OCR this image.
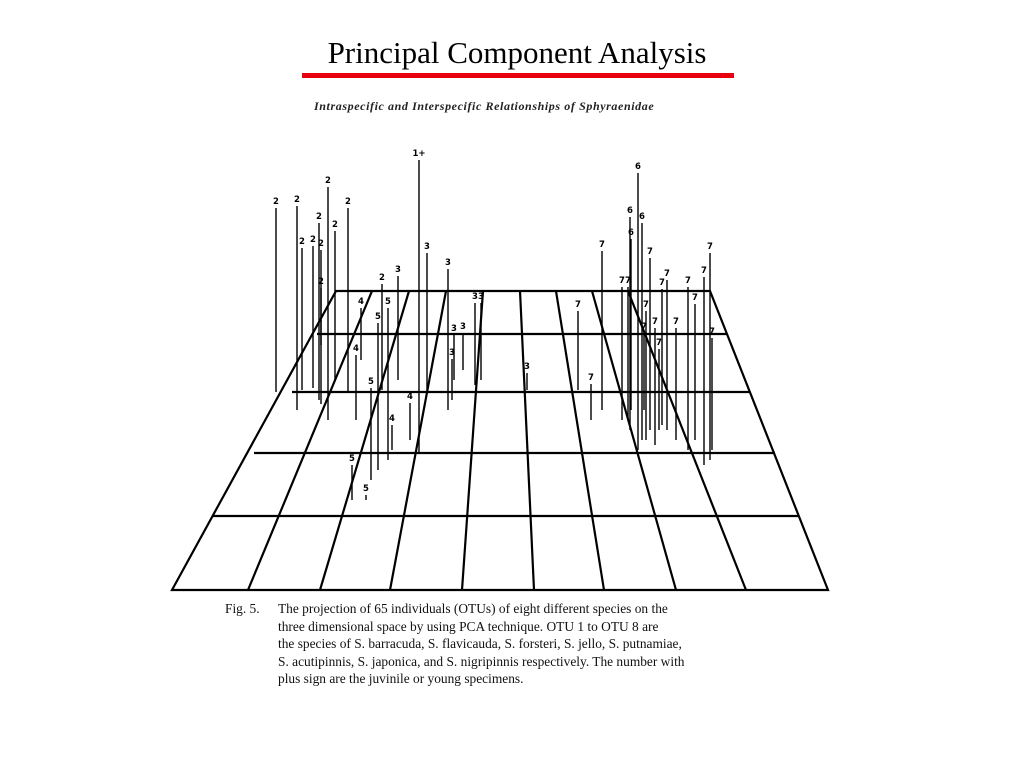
Principal Component Analysis
Intraspecific and Interspecific Relationships of Sphyraenidae
1+
2 2
2
2
2
2 2 2
2
2	2
3
3
3
3
3
3
3
3
3
4
4
4
4
5
5
5
5
5
6
6
6
6
7
7	7
7
7
7
7
7 7
7
7
7
7
7
7 7
7
7
Fig. 5. The projection of 65 individuals (OTUs) of eight different species on the
three dimensional space by using PCA technique. OTU 1 to OTU 8 are
the species of S. barracuda, S. flavicauda, S. forsteri, S. jello, S. putnamiae,
S. acutipinnis, S. japonica, and S. nigripinnis respectively. The number with
plus sign are the juvinile or young specimens.
